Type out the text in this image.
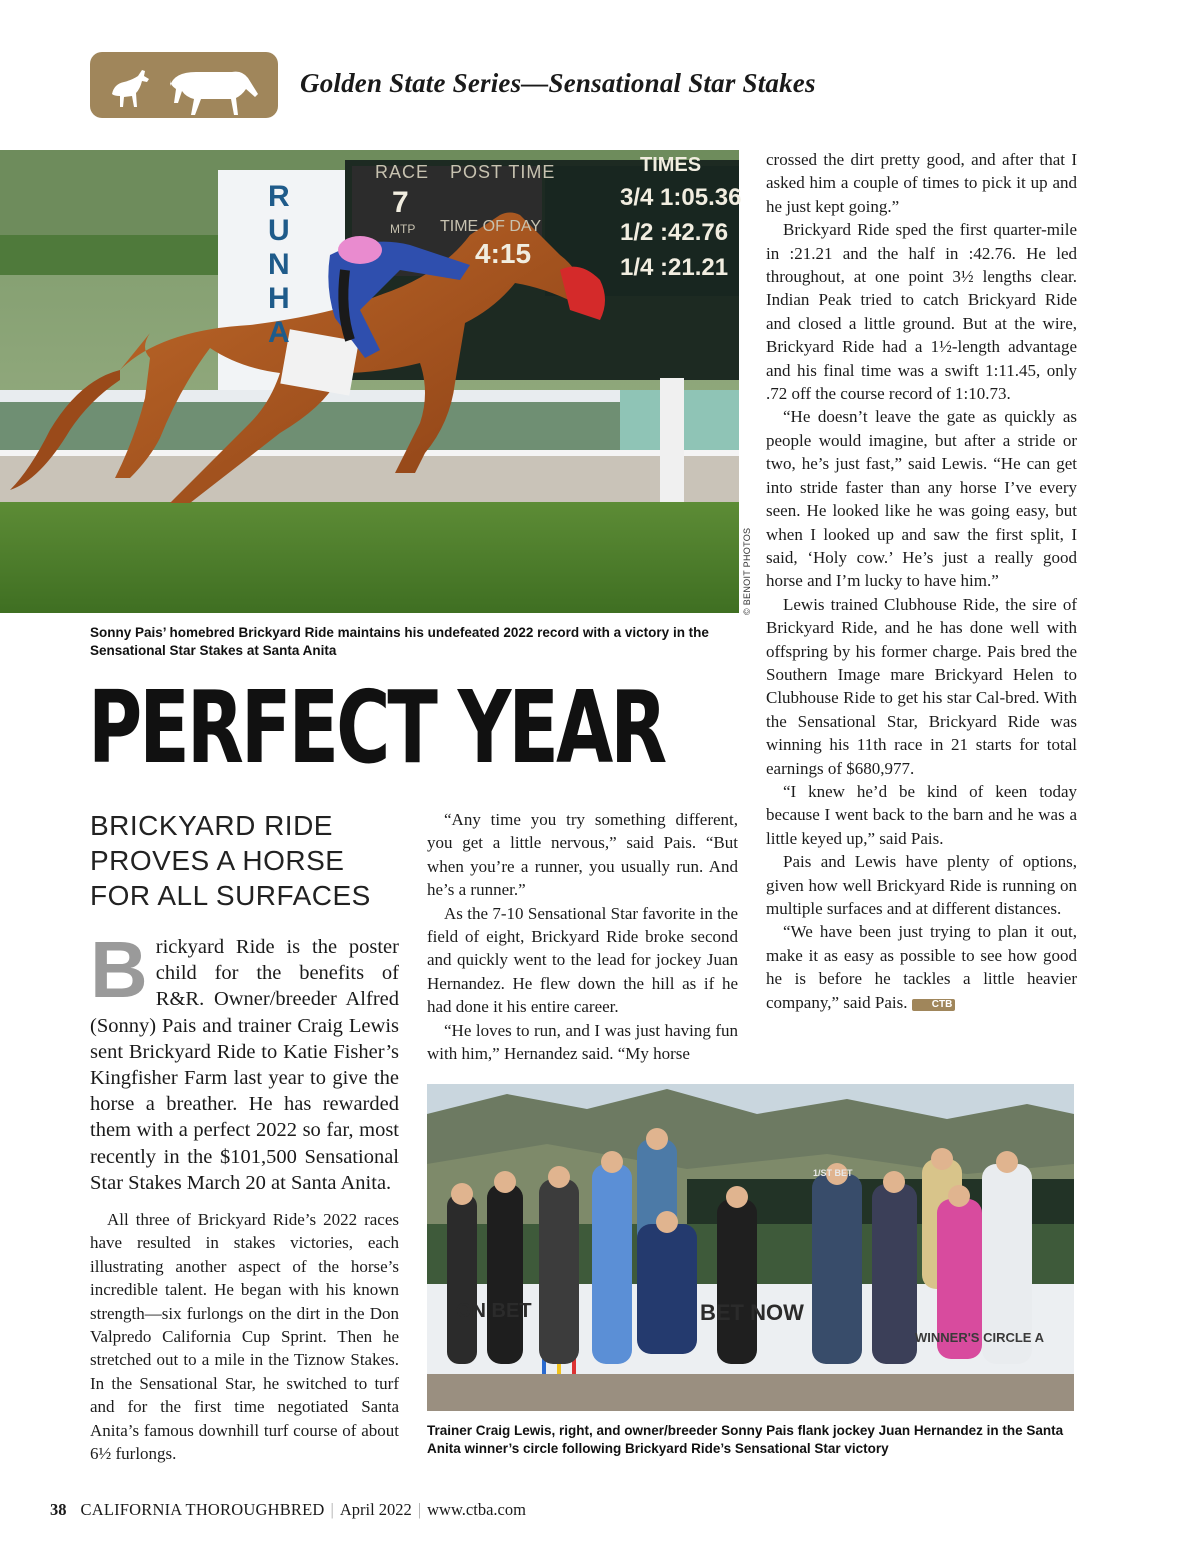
Golden State Series—Sensational Star Stakes
© BENOIT PHOTOS
RACE POST TIME
7
MTP TIME OF DAY
4:15
TIMES
3/4 1:05.36
1/2 :42.76
1/4 :21.21
RUNHA
Sonny Pais’ homebred Brickyard Ride maintains his undefeated 2022 record with a victory in the Sensational Star Stakes at Santa Anita
PERFECT YEAR
BRICKYARD RIDE PROVES A HORSE FOR ALL SURFACES
Brickyard Ride is the poster child for the benefits of R&R. Owner/breeder Alfred (Sonny) Pais and trainer Craig Lewis sent Brickyard Ride to Katie Fisher’s Kingfisher Farm last year to give the horse a breather. He has rewarded them with a perfect 2022 so far, most recently in the $101,500 Sensational Star Stakes March 20 at Santa Anita.

All three of Brickyard Ride’s 2022 races have resulted in stakes victories, each illustrating another aspect of the horse’s incredible talent. He began with his known strength—six furlongs on the dirt in the Don Valpredo California Cup Sprint. Then he stretched out to a mile in the Tiznow Stakes. In the Sensational Star, he switched to turf and for the first time negotiated Santa Anita’s famous downhill turf course of about 6½ furlongs.

“Any time you try something different, you get a little nervous,” said Pais. “But when you’re a runner, you usually run. And he’s a runner.”

As the 7-10 Sensational Star favorite in the field of eight, Brickyard Ride broke second and quickly went to the lead for jockey Juan Hernandez. He flew down the hill as if he had done it his entire career.

“He loves to run, and I was just having fun with him,” Hernandez said. “My horse

crossed the dirt pretty good, and after that I asked him a couple of times to pick it up and he just kept going.”

Brickyard Ride sped the first quarter-mile in :21.21 and the half in :42.76. He led throughout, at one point 3½ lengths clear. Indian Peak tried to catch Brickyard Ride and closed a little ground. But at the wire, Brickyard Ride had a 1½-length advantage and his final time was a swift 1:11.45, only .72 off the course record of 1:10.73.

“He doesn’t leave the gate as quickly as people would imagine, but after a stride or two, he’s just fast,” said Lewis. “He can get into stride faster than any horse I’ve every seen. He looked like he was going easy, but when I looked up and saw the first split, I said, ‘Holy cow.’ He’s just a really good horse and I’m lucky to have him.”

Lewis trained Clubhouse Ride, the sire of Brickyard Ride, and he has done well with offspring by his former charge. Pais bred the Southern Image mare Brickyard Helen to Clubhouse Ride to get his star Cal-bred. With the Sensational Star, Brickyard Ride was winning his 11th race in 21 starts for total earnings of $680,977.

“I knew he’d be kind of keen today because I went back to the barn and he was a little keyed up,” said Pais.

Pais and Lewis have plenty of options, given how well Brickyard Ride is running on multiple surfaces and at different distances.

“We have been just trying to plan it out, make it as easy as possible to see how good he is before he tackles a little heavier company,” said Pais. CTB

ON BET	BET NOW
WINNER'S CIRCLE A
1/ST BET
Trainer Craig Lewis, right, and owner/breeder Sonny Pais flank jockey Juan Hernandez in the Santa Anita winner’s circle following Brickyard Ride’s Sensational Star victory
38 CALIFORNIA THOROUGHBRED | April 2022 | www.ctba.com
